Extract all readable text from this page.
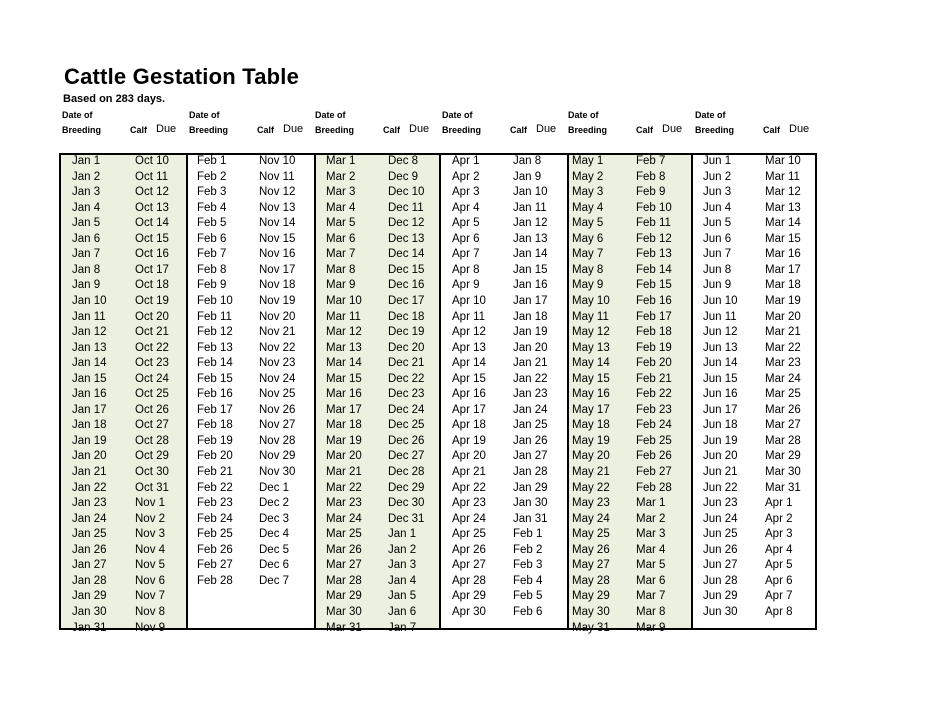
Cattle Gestation Table
Based on 283 days.
Date of
Breeding	Calf Due
Date of
Breeding	Calf Due
Date of
Breeding	Calf Due
Date of
Breeding	Calf Due
Date of
Breeding	Calf Due
Date of
Breeding	Calf Due
Jan 1	Oct 10
Jan 2	Oct 11
Jan 3	Oct 12
Jan 4	Oct 13
Jan 5	Oct 14
Jan 6	Oct 15
Jan 7	Oct 16
Jan 8	Oct 17
Jan 9	Oct 18
Jan 10 Oct 19
Jan 11	Oct 20
Jan 12 Oct 21
Jan 13 Oct 22
Jan 14 Oct 23
Jan 15 Oct 24
Jan 16 Oct 25
Jan 17 Oct 26
Jan 18 Oct 27
Jan 19 Oct 28
Jan 20 Oct 29
Jan 21 Oct 30
Jan 22 Oct 31
Jan 23 Nov 1
Jan 24 Nov 2
Jan 25 Nov 3
Jan 26 Nov 4
Jan 27 Nov 5
Jan 28 Nov 6
Jan 29 Nov 7
Jan 30 Nov 8
Jan 31 Nov 9
Feb 1	Nov 10
Feb 2	Nov 11
Feb 3	Nov 12
Feb 4	Nov 13
Feb 5	Nov 14
Feb 6	Nov 15
Feb 7	Nov 16
Feb 8	Nov 17
Feb 9	Nov 18
Feb 10 Nov 19
Feb 11 Nov 20
Feb 12 Nov 21
Feb 13 Nov 22
Feb 14 Nov 23
Feb 15 Nov 24
Feb 16 Nov 25
Feb 17 Nov 26
Feb 18 Nov 27
Feb 19 Nov 28
Feb 20 Nov 29
Feb 21 Nov 30
Feb 22 Dec 1
Feb 23 Dec 2
Feb 24 Dec 3
Feb 25 Dec 4
Feb 26 Dec 5
Feb 27 Dec 6
Feb 28 Dec 7
Mar 1	Dec 8
Mar 2	Dec 9
Mar 3	Dec 10
Mar 4	Dec 11
Mar 5	Dec 12
Mar 6	Dec 13
Mar 7	Dec 14
Mar 8	Dec 15
Mar 9	Dec 16
Mar 10 Dec 17
Mar 11 Dec 18
Mar 12 Dec 19
Mar 13 Dec 20
Mar 14 Dec 21
Mar 15 Dec 22
Mar 16 Dec 23
Mar 17 Dec 24
Mar 18 Dec 25
Mar 19 Dec 26
Mar 20 Dec 27
Mar 21 Dec 28
Mar 22 Dec 29
Mar 23 Dec 30
Mar 24 Dec 31
Mar 25 Jan 1
Mar 26 Jan 2
Mar 27 Jan 3
Mar 28 Jan 4
Mar 29 Jan 5
Mar 30 Jan 6
Mar 31 Jan 7
Apr 1	Jan 8
Apr 2	Jan 9
Apr 3	Jan 10
Apr 4	Jan 11
Apr 5	Jan 12
Apr 6	Jan 13
Apr 7	Jan 14
Apr 8	Jan 15
Apr 9	Jan 16
Apr 10 Jan 17
Apr 11 Jan 18
Apr 12 Jan 19
Apr 13 Jan 20
Apr 14 Jan 21
Apr 15 Jan 22
Apr 16 Jan 23
Apr 17 Jan 24
Apr 18 Jan 25
Apr 19 Jan 26
Apr 20 Jan 27
Apr 21 Jan 28
Apr 22 Jan 29
Apr 23 Jan 30
Apr 24 Jan 31
Apr 25 Feb 1
Apr 26 Feb 2
Apr 27 Feb 3
Apr 28 Feb 4
Apr 29 Feb 5
Apr 30 Feb 6
May 1	Feb 7
May 2	Feb 8
May 3	Feb 9
May 4	Feb 10
May 5	Feb 11
May 6	Feb 12
May 7	Feb 13
May 8	Feb 14
May 9	Feb 15
May 10 Feb 16
May 11 Feb 17
May 12 Feb 18
May 13 Feb 19
May 14 Feb 20
May 15 Feb 21
May 16 Feb 22
May 17 Feb 23
May 18 Feb 24
May 19 Feb 25
May 20 Feb 26
May 21 Feb 27
May 22 Feb 28
May 23 Mar 1
May 24 Mar 2
May 25 Mar 3
May 26 Mar 4
May 27 Mar 5
May 28 Mar 6
May 29 Mar 7
May 30 Mar 8
May 31 Mar 9
Jun 1	Mar 10
Jun 2	Mar 11
Jun 3	Mar 12
Jun 4	Mar 13
Jun 5	Mar 14
Jun 6	Mar 15
Jun 7	Mar 16
Jun 8	Mar 17
Jun 9	Mar 18
Jun 10 Mar 19
Jun 11 Mar 20
Jun 12 Mar 21
Jun 13 Mar 22
Jun 14 Mar 23
Jun 15 Mar 24
Jun 16 Mar 25
Jun 17 Mar 26
Jun 18 Mar 27
Jun 19 Mar 28
Jun 20 Mar 29
Jun 21 Mar 30
Jun 22 Mar 31
Jun 23 Apr 1
Jun 24 Apr 2
Jun 25 Apr 3
Jun 26 Apr 4
Jun 27 Apr 5
Jun 28 Apr 6
Jun 29 Apr 7
Jun 30 Apr 8
